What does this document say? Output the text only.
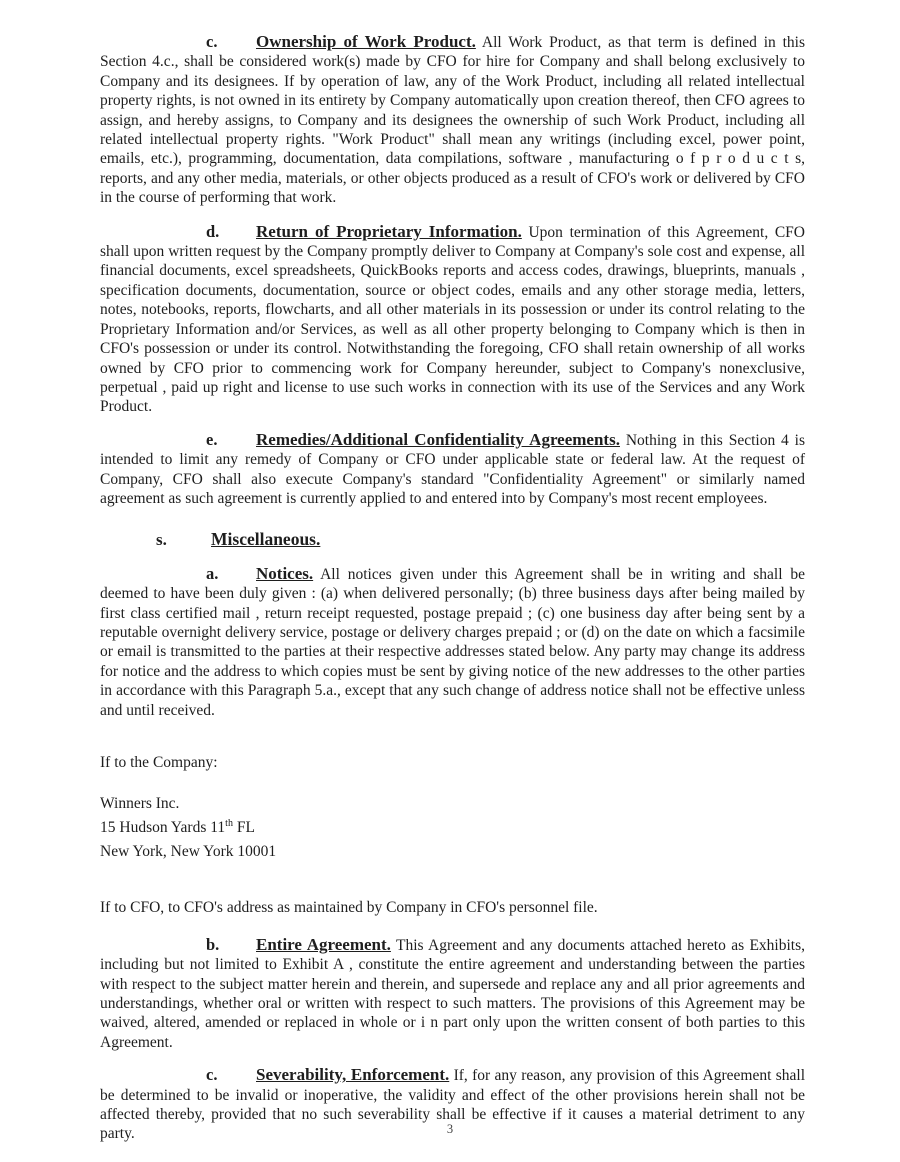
c. Ownership of Work Product. All Work Product, as that term is defined in this Section 4.c., shall be considered work(s) made by CFO for hire for Company and shall belong exclusively to Company and its designees. If by operation of law, any of the Work Product, including all related intellectual property rights, is not owned in its entirety by Company automatically upon creation thereof, then CFO agrees to assign, and hereby assigns, to Company and its designees the ownership of such Work Product, including all related intellectual property rights. "Work Product" shall mean any writings (including excel, power point, emails, etc.), programming, documentation, data compilations, software , manufacturing o f p r o d u c t s, reports, and any other media, materials, or other objects produced as a result of CFO's work or delivered by CFO in the course of performing that work.

d. Return of Proprietary Information. Upon termination of this Agreement, CFO shall upon written request by the Company promptly deliver to Company at Company's sole cost and expense, all financial documents, excel spreadsheets, QuickBooks reports and access codes, drawings, blueprints, manuals , specification documents, documentation, source or object codes, emails and any other storage media, letters, notes, notebooks, reports, flowcharts, and all other materials in its possession or under its control relating to the Proprietary Information and/or Services, as well as all other property belonging to Company which is then in CFO's possession or under its control. Notwithstanding the foregoing, CFO shall retain ownership of all works owned by CFO prior to commencing work for Company hereunder, subject to Company's nonexclusive, perpetual , paid up right and license to use such works in connection with its use of the Services and any Work Product.

e. Remedies/Additional Confidentiality Agreements. Nothing in this Section 4 is intended to limit any remedy of Company or CFO under applicable state or federal law. At the request of Company, CFO shall also execute Company's standard "Confidentiality Agreement" or similarly named agreement as such agreement is currently applied to and entered into by Company's most recent employees.

s.	Miscellaneous.

a. Notices. All notices given under this Agreement shall be in writing and shall be deemed to have been duly given : (a) when delivered personally; (b) three business days after being mailed by first class certified mail , return receipt requested, postage prepaid ; (c) one business day after being sent by a reputable overnight delivery service, postage or delivery charges prepaid ; or (d) on the date on which a facsimile or email is transmitted to the parties at their respective addresses stated below. Any party may change its address for notice and the address to which copies must be sent by giving notice of the new addresses to the other parties in accordance with this Paragraph 5.a., except that any such change of address notice shall not be effective unless and until received.

If to the Company:

Winners Inc.

15 Hudson Yards 11th FL

New York, New York 10001

If to CFO, to CFO's address as maintained by Company in CFO's personnel file.

b. Entire Agreement. This Agreement and any documents attached hereto as Exhibits, including but not limited to Exhibit A , constitute the entire agreement and understanding between the parties with respect to the subject matter herein and therein, and supersede and replace any and all prior agreements and understandings, whether oral or written with respect to such matters. The provisions of this Agreement may be waived, altered, amended or replaced in whole or i n part only upon the written consent of both parties to this Agreement.

c. Severability, Enforcement. If, for any reason, any provision of this Agreement shall be determined to be invalid or inoperative, the validity and effect of the other provisions herein shall not be affected thereby, provided that no such severability shall be effective if it causes a material detriment to any party.	3
